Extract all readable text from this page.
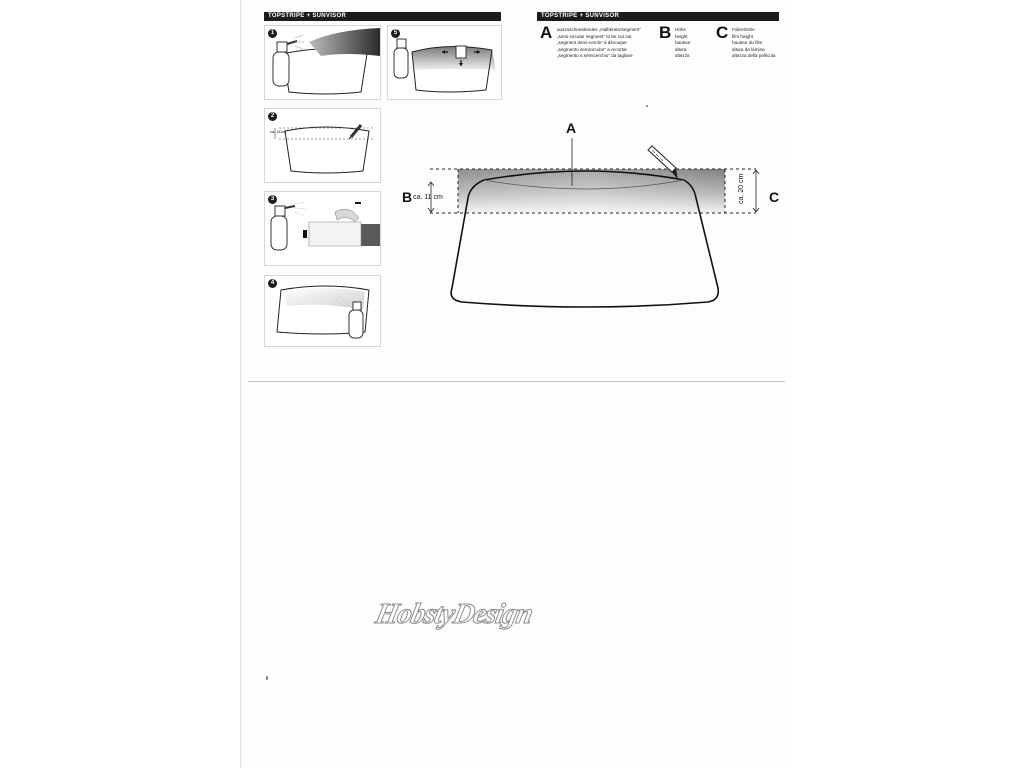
TOPSTRIPE + SUNVISOR	TOPSTRIPE + SUNVISOR
1	5
2
ca. 11cm
3
4
A auszuschneidendes „Halbkreis/Segment“
„semi-circular segment“ to be cut out
„segment demi-cercle“ à découper
„segmento semicircular“ a recortar
„segmento a semicerchio“ da tagliare
B Höhe
height
hauteur
altura
altezza
C Folienhöhe
film height
hauteur du film
altura de lámina
altezza della pellicola
A
B ca. 11 cm	ca. 20 cm C
HobstyDesign
